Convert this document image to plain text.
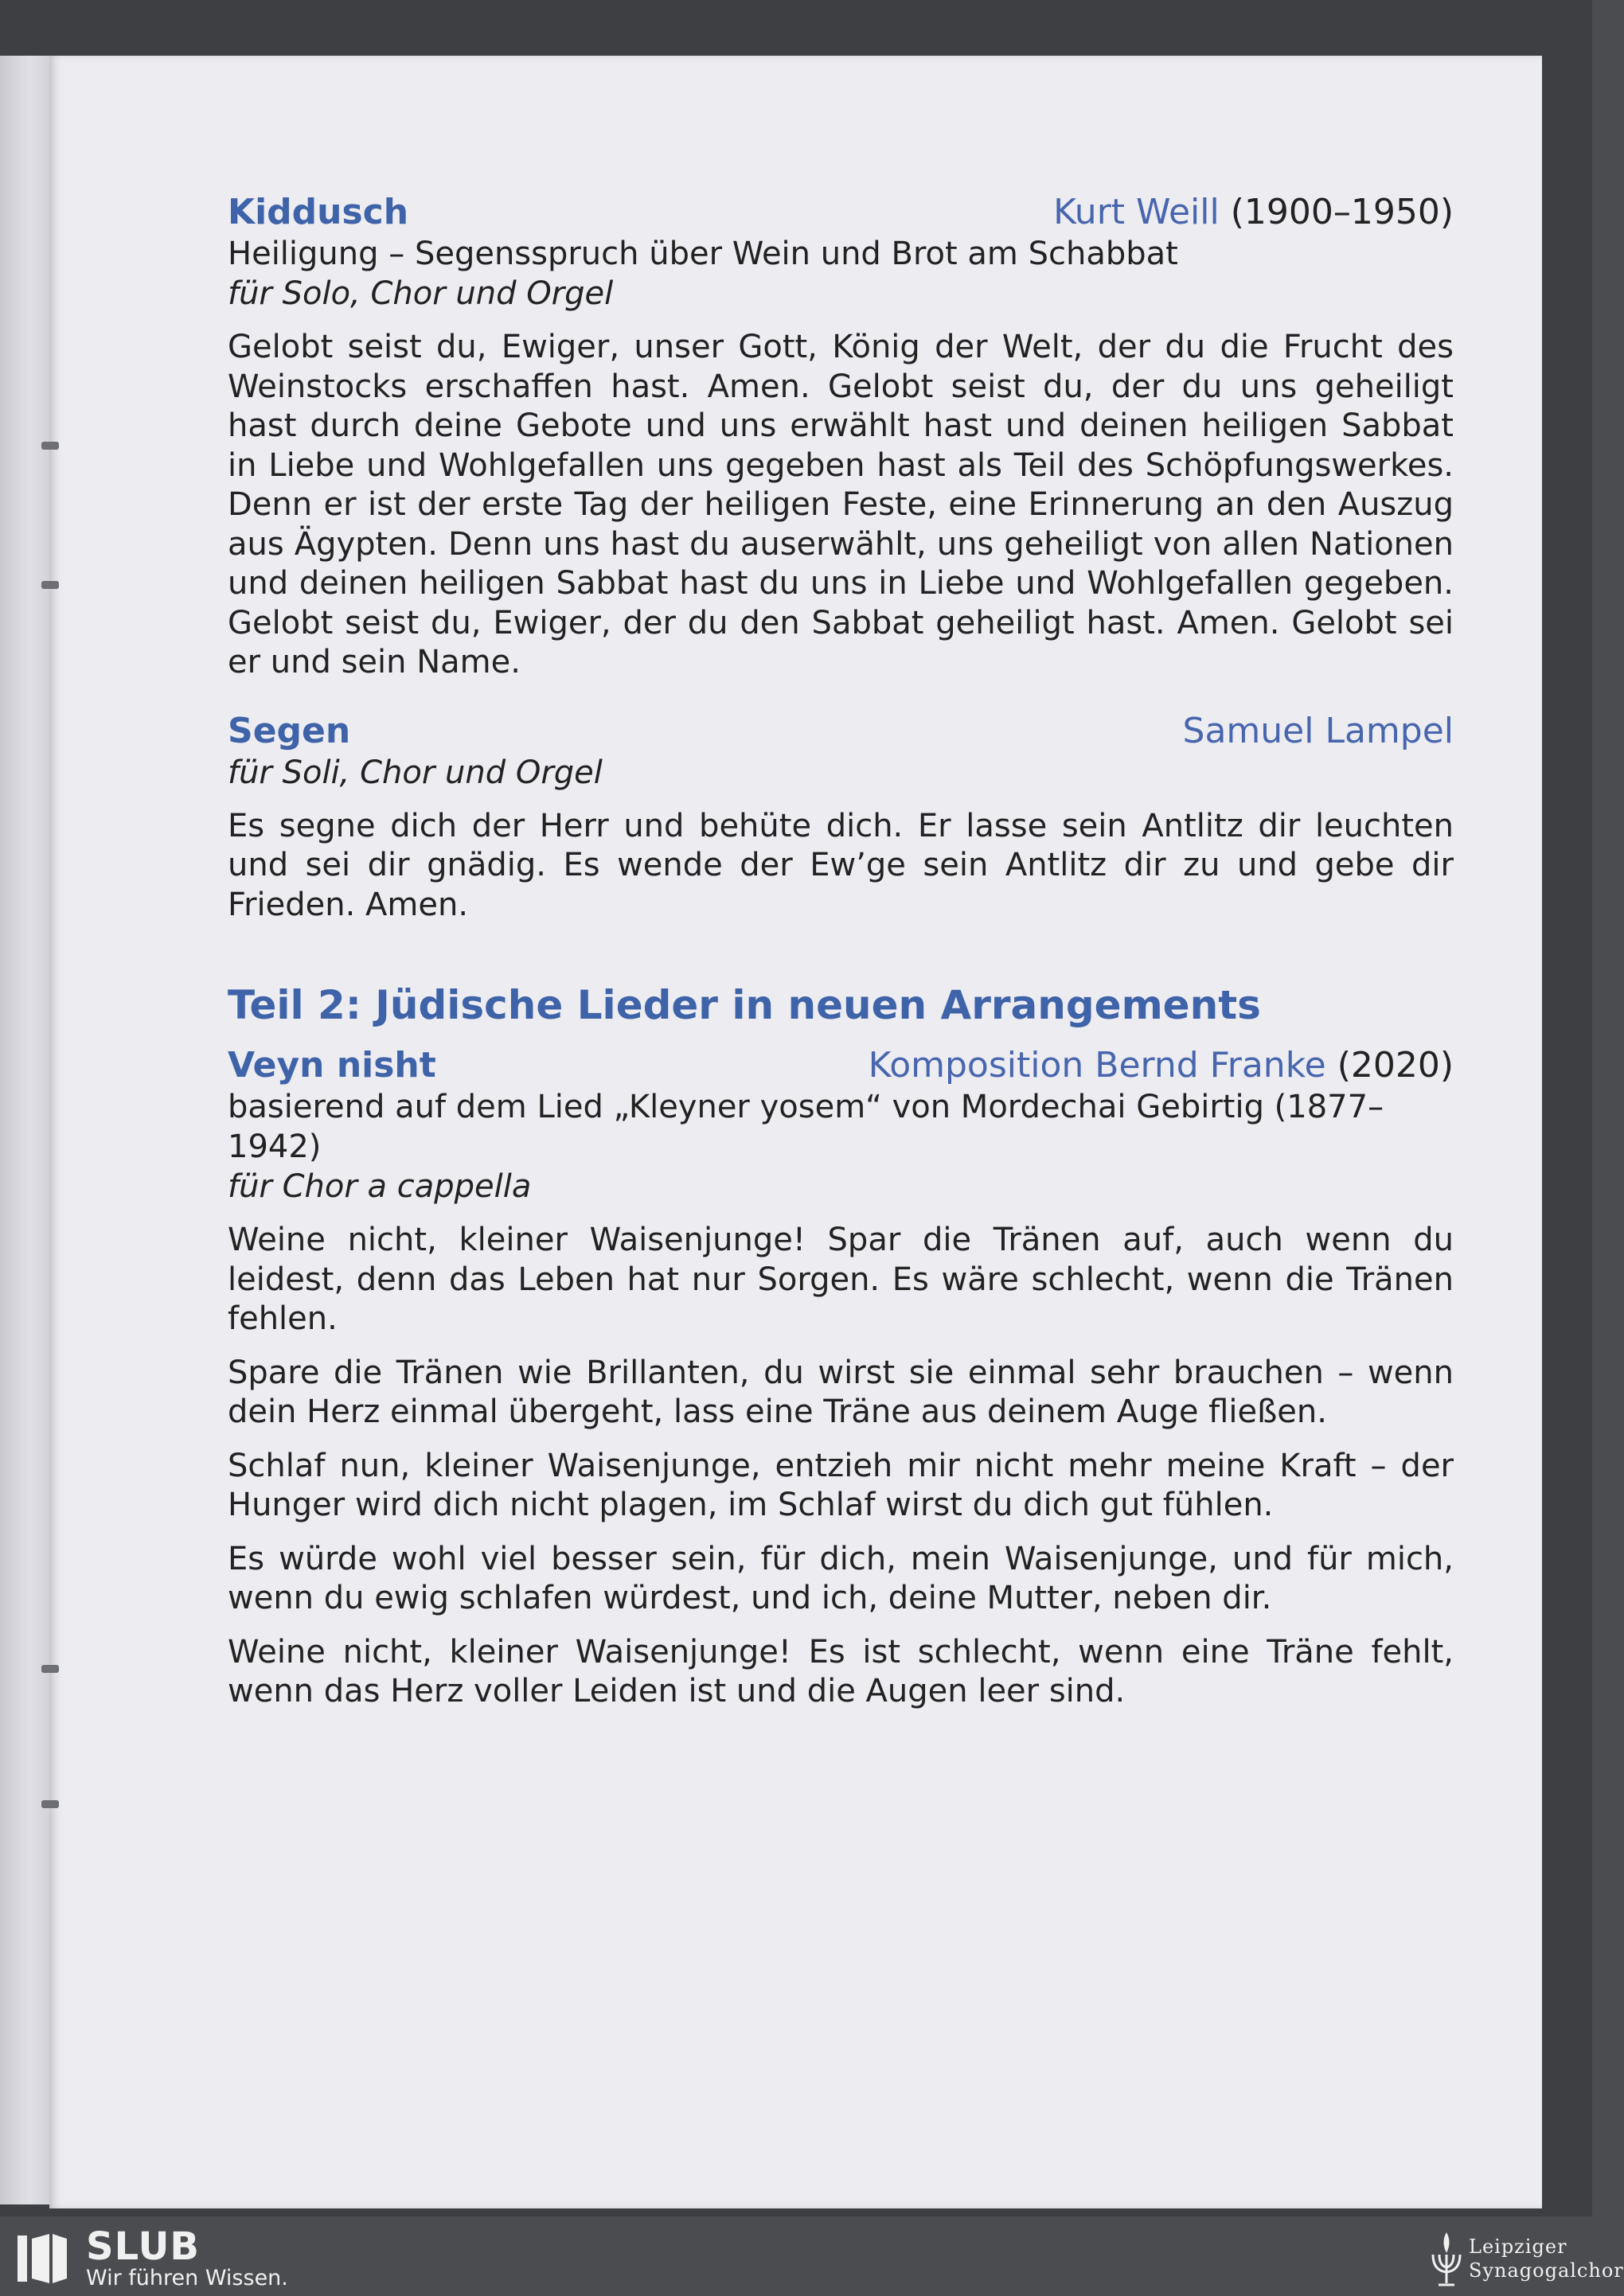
Kiddusch	Kurt Weill (1900–1950)
Heiligung – Segensspruch über Wein und Brot am Schabbat
für Solo, Chor und Orgel

Gelobt seist du, Ewiger, unser Gott, König der Welt, der du die Frucht des Weinstocks erschaffen hast. Amen. Gelobt seist du, der du uns geheiligt hast durch deine Gebote und uns erwählt hast und deinen heiligen Sabbat in Liebe und Wohlgefallen uns gegeben hast als Teil des Schöpfungswerkes. Denn er ist der erste Tag der heiligen Feste, eine Erinnerung an den Auszug aus Ägypten. Denn uns hast du auserwählt, uns geheiligt von allen Nationen und deinen heiligen Sabbat hast du uns in Liebe und Wohlgefallen gegeben. Gelobt seist du, Ewiger, der du den Sabbat geheiligt hast. Amen. Gelobt sei er und sein Name.

Segen	Samuel Lampel
für Soli, Chor und Orgel

Es segne dich der Herr und behüte dich. Er lasse sein Antlitz dir leuchten und sei dir gnädig. Es wende der Ew’ge sein Antlitz dir zu und gebe dir Frieden. Amen.

Teil 2: Jüdische Lieder in neuen Arrangements
Veyn nisht	Komposition Bernd Franke (2020)
basierend auf dem Lied „Kleyner yosem“ von Mordechai Gebirtig (1877–1942)
für Chor a cappella

Weine nicht, kleiner Waisenjunge! Spar die Tränen auf, auch wenn du leidest, denn das Leben hat nur Sorgen. Es wäre schlecht, wenn die Tränen fehlen.

Spare die Tränen wie Brillanten, du wirst sie einmal sehr brauchen – wenn dein Herz einmal übergeht, lass eine Träne aus deinem Auge fließen.

Schlaf nun, kleiner Waisenjunge, entzieh mir nicht mehr meine Kraft – der Hunger wird dich nicht plagen, im Schlaf wirst du dich gut fühlen.

Es würde wohl viel besser sein, für dich, mein Waisenjunge, und für mich, wenn du ewig schlafen würdest, und ich, deine Mutter, neben dir.

Weine nicht, kleiner Waisenjunge! Es ist schlecht, wenn eine Träne fehlt, wenn das Herz voller Leiden ist und die Augen leer sind.

SLUB
Wir führen Wissen.
Leipziger
Synagogalchor
